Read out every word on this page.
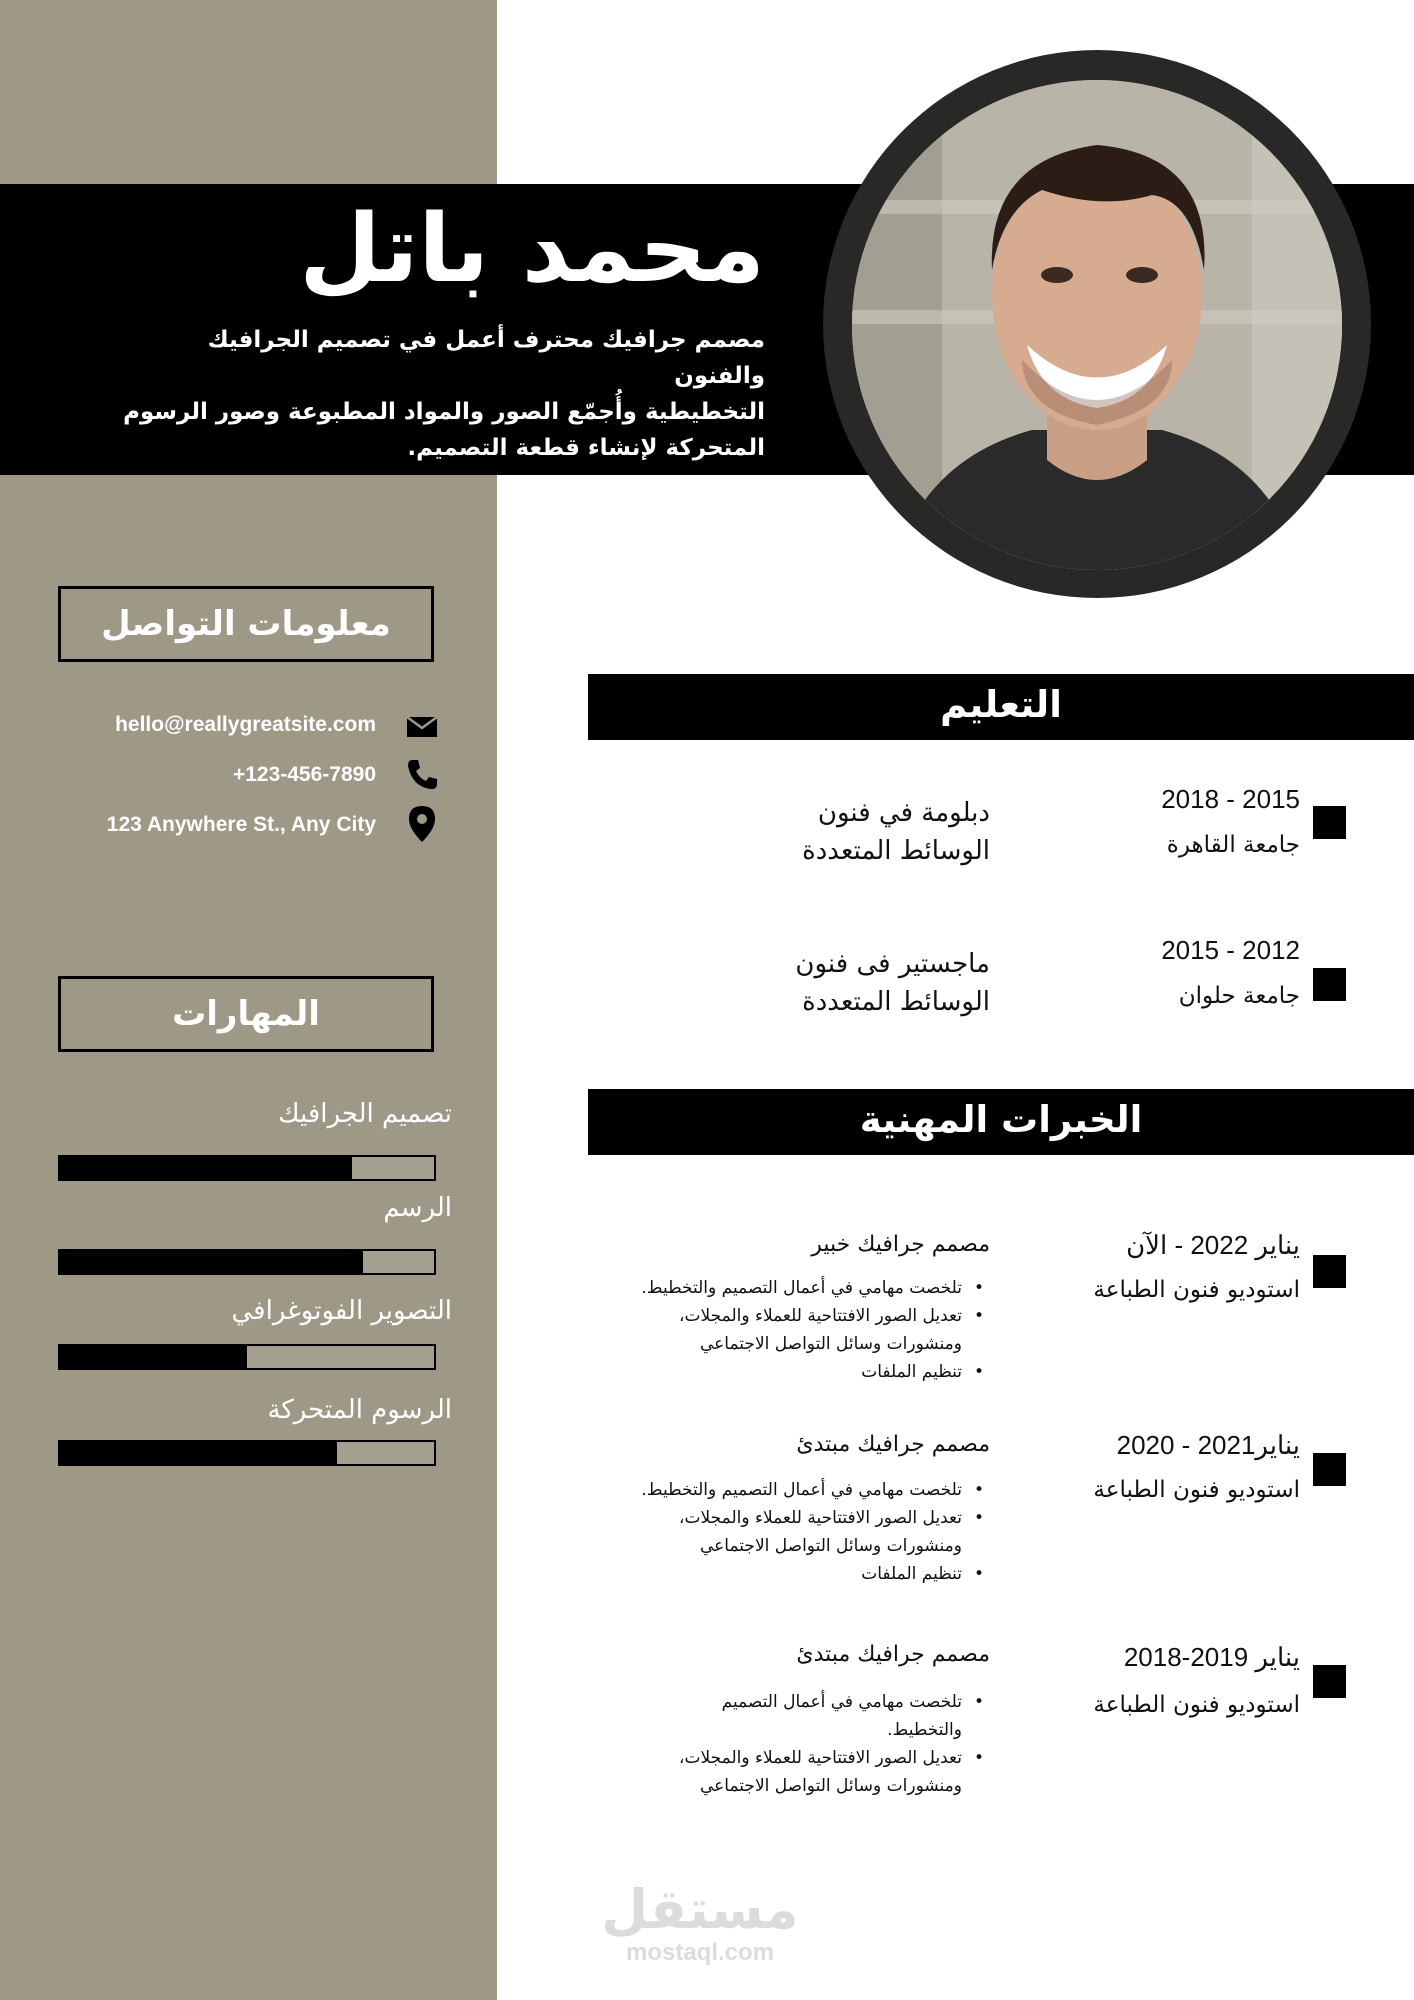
محمد باتل
مصمم جرافيك محترف أعمل في تصميم الجرافيك والفنون
التخطيطية وأُجمّع الصور والمواد المطبوعة وصور الرسوم
المتحركة لإنشاء قطعة التصميم.
معلومات التواصل
hello@reallygreatsite.com
+123-456-7890
123 Anywhere St., Any City
المهارات
تصميم الجرافيك
الرسم
التصوير الفوتوغرافي
الرسوم المتحركة
التعليم
2015 - 2018
جامعة القاهرة
دبلومة في فنون
الوسائط المتعددة
2012 - 2015
جامعة حلوان
ماجستير فى فنون
الوسائط المتعددة
الخبرات المهنية
يناير 2022 - الآن
استوديو فنون الطباعة
مصمم جرافيك خبير
• تلخصت مهامي في أعمال التصميم والتخطيط.
• تعديل الصور الافتتاحية للعملاء والمجلات،
ومنشورات وسائل التواصل الاجتماعي
• تنظيم الملفات
يناير2021 - 2020
استوديو فنون الطباعة
مصمم جرافيك مبتدئ
• تلخصت مهامي في أعمال التصميم والتخطيط.
• تعديل الصور الافتتاحية للعملاء والمجلات،
ومنشورات وسائل التواصل الاجتماعي
• تنظيم الملفات
يناير 2019-2018
استوديو فنون الطباعة
مصمم جرافيك مبتدئ
• تلخصت مهامي في أعمال التصميم
والتخطيط.
• تعديل الصور الافتتاحية للعملاء والمجلات،
ومنشورات وسائل التواصل الاجتماعي
مستقل
mostaql.com
